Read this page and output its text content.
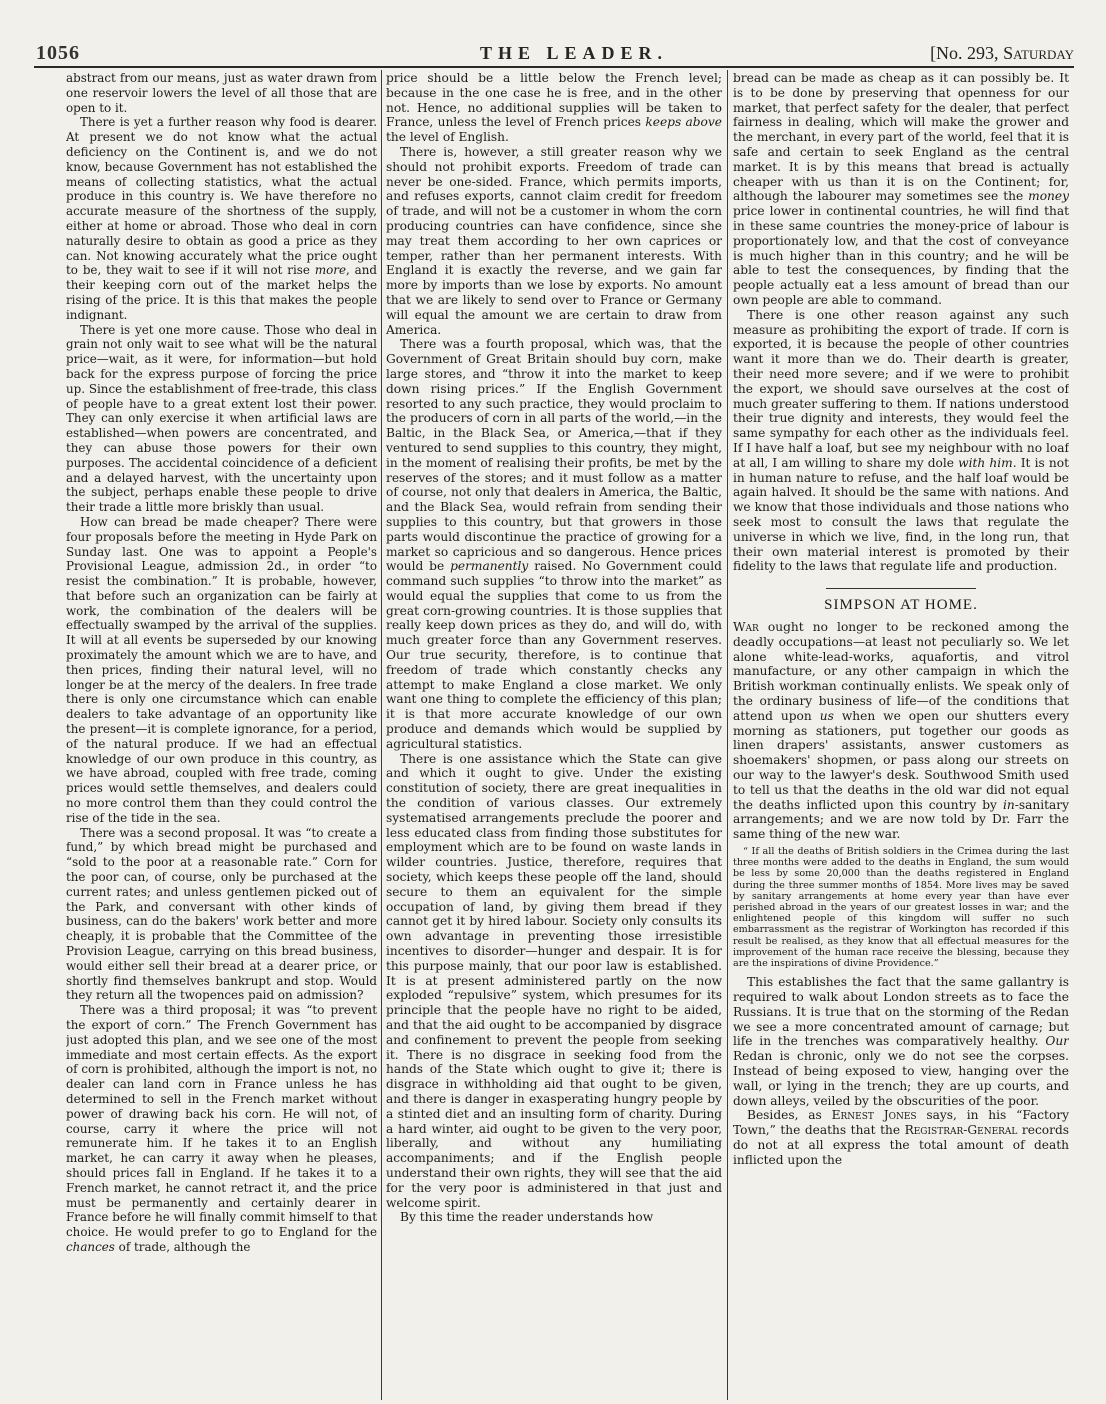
1056	THE LEADER.	[No. 293, Saturday

abstract from our means, just as water drawn from one reservoir lowers the level of all those that are open to it.

There is yet a further reason why food is dearer. At present we do not know what the actual deficiency on the Continent is, and we do not know, because Government has not established the means of collecting statistics, what the actual produce in this country is. We have therefore no accurate measure of the shortness of the supply, either at home or abroad. Those who deal in corn naturally desire to obtain as good a price as they can. Not knowing accurately what the price ought to be, they wait to see if it will not rise more, and their keeping corn out of the market helps the rising of the price. It is this that makes the people indignant.

There is yet one more cause. Those who deal in grain not only wait to see what will be the natural price—wait, as it were, for information—but hold back for the express purpose of forcing the price up. Since the establishment of free-trade, this class of people have to a great extent lost their power. They can only exercise it when artificial laws are established—when powers are concentrated, and they can abuse those powers for their own purposes. The accidental coincidence of a deficient and a delayed harvest, with the uncertainty upon the subject, perhaps enable these people to drive their trade a little more briskly than usual.

How can bread be made cheaper? There were four proposals before the meeting in Hyde Park on Sunday last. One was to appoint a People's Provisional League, admission 2d., in order “to resist the combination.” It is probable, however, that before such an organization can be fairly at work, the combination of the dealers will be effectually swamped by the arrival of the supplies. It will at all events be superseded by our knowing proximately the amount which we are to have, and then prices, finding their natural level, will no longer be at the mercy of the dealers. In free trade there is only one circumstance which can enable dealers to take advantage of an opportunity like the present—it is complete ignorance, for a period, of the natural produce. If we had an effectual knowledge of our own produce in this country, as we have abroad, coupled with free trade, coming prices would settle themselves, and dealers could no more control them than they could control the rise of the tide in the sea.

There was a second proposal. It was “to create a fund,” by which bread might be purchased and “sold to the poor at a reasonable rate.” Corn for the poor can, of course, only be purchased at the current rates; and unless gentlemen picked out of the Park, and conversant with other kinds of business, can do the bakers' work better and more cheaply, it is probable that the Committee of the Provision League, carrying on this bread business, would either sell their bread at a dearer price, or shortly find themselves bankrupt and stop. Would they return all the twopences paid on admission?

There was a third proposal; it was “to prevent the export of corn.” The French Government has just adopted this plan, and we see one of the most immediate and most certain effects. As the export of corn is prohibited, although the import is not, no dealer can land corn in France unless he has determined to sell in the French market without power of drawing back his corn. He will not, of course, carry it where the price will not remunerate him. If he takes it to an English market, he can carry it away when he pleases, should prices fall in England. If he takes it to a French market, he cannot retract it, and the price must be permanently and certainly dearer in France before he will finally commit himself to that choice. He would prefer to go to England for the chances of trade, although the

price should be a little below the French level; because in the one case he is free, and in the other not. Hence, no additional supplies will be taken to France, unless the level of French prices keeps above the level of English.

There is, however, a still greater reason why we should not prohibit exports. Freedom of trade can never be one-sided. France, which permits imports, and refuses exports, cannot claim credit for freedom of trade, and will not be a customer in whom the corn producing countries can have confidence, since she may treat them according to her own caprices or temper, rather than her permanent interests. With England it is exactly the reverse, and we gain far more by imports than we lose by exports. No amount that we are likely to send over to France or Germany will equal the amount we are certain to draw from America.

There was a fourth proposal, which was, that the Government of Great Britain should buy corn, make large stores, and “throw it into the market to keep down rising prices.” If the English Government resorted to any such practice, they would proclaim to the producers of corn in all parts of the world,—in the Baltic, in the Black Sea, or America,—that if they ventured to send supplies to this country, they might, in the moment of realising their profits, be met by the reserves of the stores; and it must follow as a matter of course, not only that dealers in America, the Baltic, and the Black Sea, would refrain from sending their supplies to this country, but that growers in those parts would discontinue the practice of growing for a market so capricious and so dangerous. Hence prices would be permanently raised. No Government could command such supplies “to throw into the market” as would equal the supplies that come to us from the great corn-growing countries. It is those supplies that really keep down prices as they do, and will do, with much greater force than any Government reserves. Our true security, therefore, is to continue that freedom of trade which constantly checks any attempt to make England a close market. We only want one thing to complete the efficiency of this plan; it is that more accurate knowledge of our own produce and demands which would be supplied by agricultural statistics.

There is one assistance which the State can give and which it ought to give. Under the existing constitution of society, there are great inequalities in the condition of various classes. Our extremely systematised arrangements preclude the poorer and less educated class from finding those substitutes for employment which are to be found on waste lands in wilder countries. Justice, therefore, requires that society, which keeps these people off the land, should secure to them an equivalent for the simple occupation of land, by giving them bread if they cannot get it by hired labour. Society only consults its own advantage in preventing those irresistible incentives to disorder—hunger and despair. It is for this purpose mainly, that our poor law is established. It is at present administered partly on the now exploded “repulsive” system, which presumes for its principle that the people have no right to be aided, and that the aid ought to be accompanied by disgrace and confinement to prevent the people from seeking it. There is no disgrace in seeking food from the hands of the State which ought to give it; there is disgrace in withholding aid that ought to be given, and there is danger in exasperating hungry people by a stinted diet and an insulting form of charity. During a hard winter, aid ought to be given to the very poor, liberally, and without any humiliating accompaniments; and if the English people understand their own rights, they will see that the aid for the very poor is administered in that just and welcome spirit.

By this time the reader understands how

bread can be made as cheap as it can possibly be. It is to be done by preserving that openness for our market, that perfect safety for the dealer, that perfect fairness in dealing, which will make the grower and the merchant, in every part of the world, feel that it is safe and certain to seek England as the central market. It is by this means that bread is actually cheaper with us than it is on the Continent; for, although the labourer may sometimes see the money price lower in continental countries, he will find that in these same countries the money-price of labour is proportionately low, and that the cost of conveyance is much higher than in this country; and he will be able to test the consequences, by finding that the people actually eat a less amount of bread than our own people are able to command.

There is one other reason against any such measure as prohibiting the export of trade. If corn is exported, it is because the people of other countries want it more than we do. Their dearth is greater, their need more severe; and if we were to prohibit the export, we should save ourselves at the cost of much greater suffering to them. If nations understood their true dignity and interests, they would feel the same sympathy for each other as the individuals feel. If I have half a loaf, but see my neighbour with no loaf at all, I am willing to share my dole with him. It is not in human nature to refuse, and the half loaf would be again halved. It should be the same with nations. And we know that those individuals and those nations who seek most to consult the laws that regulate the universe in which we live, find, in the long run, that their own material interest is promoted by their fidelity to the laws that regulate life and production.

SIMPSON AT HOME.

War ought no longer to be reckoned among the deadly occupations—at least not peculiarly so. We let alone white-lead-works, aquafortis, and vitrol manufacture, or any other campaign in which the British workman continually enlists. We speak only of the ordinary business of life—of the conditions that attend upon us when we open our shutters every morning as stationers, put together our goods as linen drapers' assistants, answer customers as shoemakers' shopmen, or pass along our streets on our way to the lawyer's desk. Southwood Smith used to tell us that the deaths in the old war did not equal the deaths inflicted upon this country by in-sanitary arrangements; and we are now told by Dr. Farr the same thing of the new war.

“ If all the deaths of British soldiers in the Crimea during the last three months were added to the deaths in England, the sum would be less by some 20,000 than the deaths registered in England during the three summer months of 1854. More lives may be saved by sanitary arrangements at home every year than have ever perished abroad in the years of our greatest losses in war; and the enlightened people of this kingdom will suffer no such embarrassment as the registrar of Workington has recorded if this result be realised, as they know that all effectual measures for the improvement of the human race receive the blessing, because they are the inspirations of divine Providence.”

This establishes the fact that the same gallantry is required to walk about London streets as to face the Russians. It is true that on the storming of the Redan we see a more concentrated amount of carnage; but life in the trenches was comparatively healthy. Our Redan is chronic, only we do not see the corpses. Instead of being exposed to view, hanging over the wall, or lying in the trench; they are up courts, and down alleys, veiled by the obscurities of the poor.

Besides, as Ernest Jones says, in his “Factory Town,” the deaths that the Registrar-General records do not at all express the total amount of death inflicted upon the
